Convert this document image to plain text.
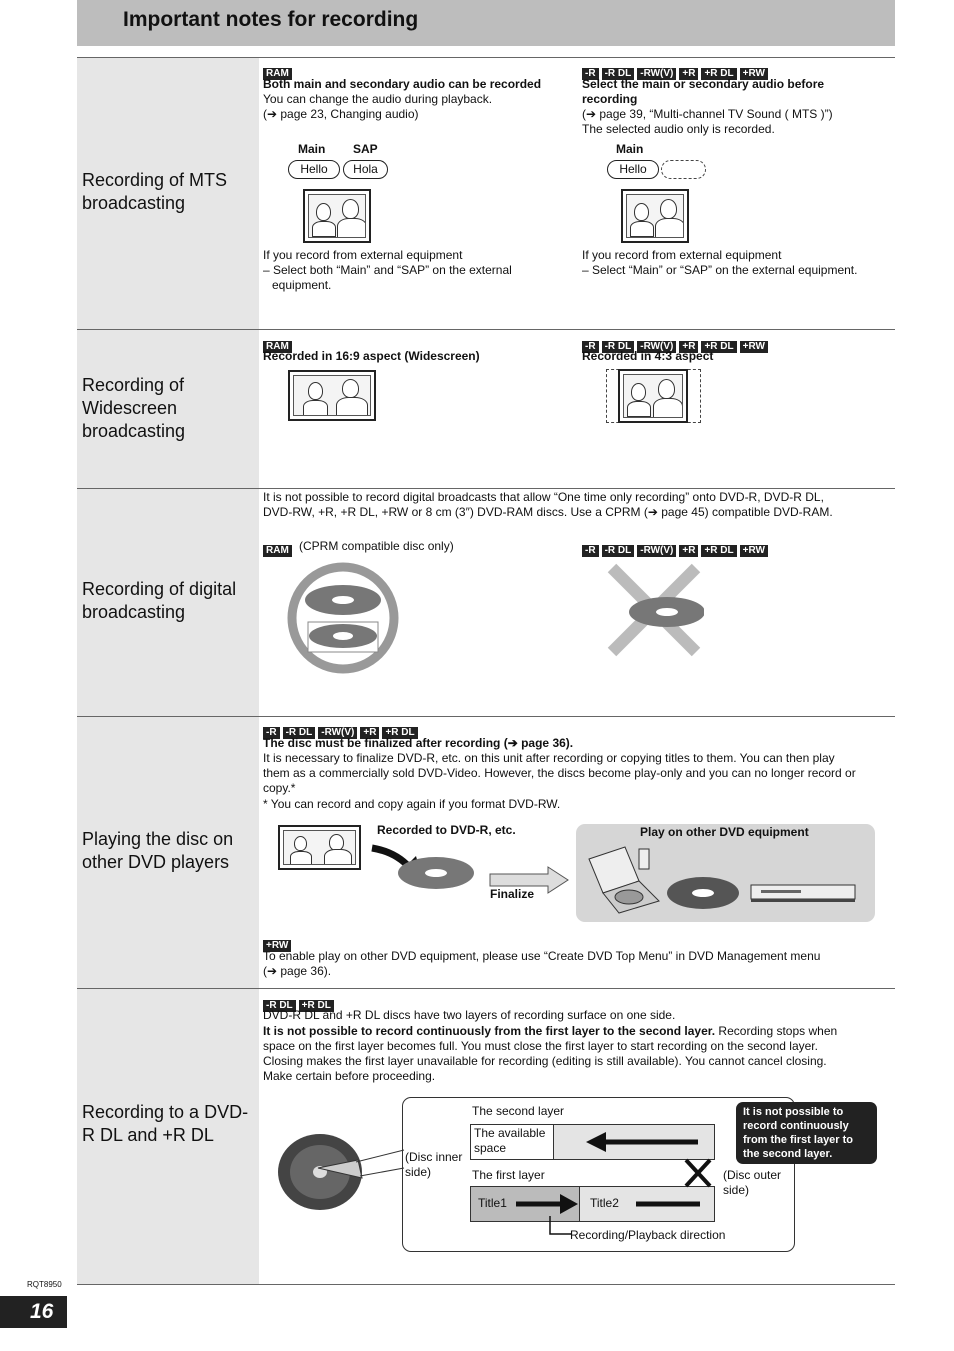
Important notes for recording
Recording of MTS broadcasting
RAM
Both main and secondary audio can be recorded
You can change the audio during playback.
(➔ page 23, Changing audio)
Main SAP
Hello	Hola
If you record from external equipment
– Select both “Main” and “SAP” on the external
equipment.
-R -R DL -RW(V) +R +R DL +RW
Select the main or secondary audio before
recording
(➔ page 39, “Multi-channel TV Sound ( MTS )”)
The selected audio only is recorded.
Main
Hello
If you record from external equipment
– Select “Main” or “SAP” on the external equipment.
Recording of Widescreen broadcasting
RAM
Recorded in 16:9 aspect (Widescreen)
-R -R DL -RW(V) +R +R DL +RW
Recorded in 4:3 aspect
Recording of digital broadcasting
It is not possible to record digital broadcasts that allow “One time only recording” onto DVD-R, DVD-R DL,
DVD-RW, +R, +R DL, +RW or 8 cm (3″) DVD-RAM discs. Use a CPRM (➔ page 45) compatible DVD-RAM.
RAM (CPRM compatible disc only)	-R -R DL -RW(V) +R +R DL +RW
Playing the disc on other DVD players
-R -R DL -RW(V) +R +R DL
The disc must be finalized after recording (➔ page 36).
It is necessary to finalize DVD-R, etc. on this unit after recording or copying titles to them. You can then play
them as a commercially sold DVD-Video. However, the discs become play-only and you can no longer record or
copy.*
* You can record and copy again if you format DVD-RW.
Recorded to DVD-R, etc.
Finalize
Play on other DVD equipment
+RW
To enable play on other DVD equipment, please use “Create DVD Top Menu” in DVD Management menu
(➔ page 36).
Recording to a DVD-R DL and +R DL
-R DL +R DL
DVD-R DL and +R DL discs have two layers of recording surface on one side.
It is not possible to record continuously from the first layer to the second layer. Recording stops when
space on the first layer becomes full. You must close the first layer to start recording on the second layer.
Closing makes the first layer unavailable for recording (editing is still available). You cannot cancel closing.
Make certain before proceeding.
The second layer
The available
space
The first layer
Title1	Title2
Recording/Playback direction
(Disc inner
side)	(Disc outer
side)
It is not possible to
record continuously
from the first layer to
the second layer.
RQT8950
16
